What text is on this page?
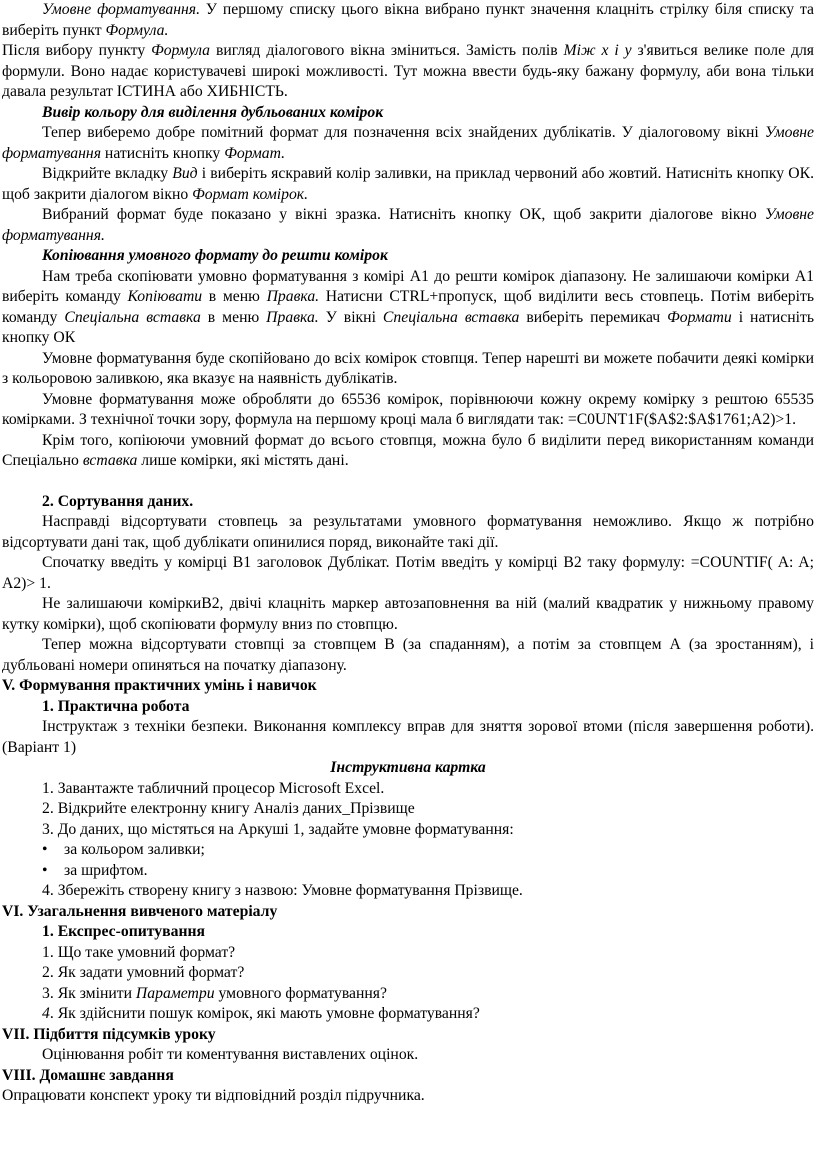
Умовне форматування. У першому списку цього вікна вибрано пункт значення клацніть стрілку біля списку та виберіть пункт Формула.

Після вибору пункту Формула вигляд діалогового вікна зміниться. Замість полів Між х і у з'явиться велике поле для формули. Воно надає користувачеві широкі можливості. Тут можна ввести будь-яку бажану формулу, аби вона тільки давала результат ІСТИНА або ХИБНІСТЬ.

Вивір кольору для виділення дубльованих комірок

Тепер виберемо добре помітний формат для позначення всіх знайдених дублікатів. У діалоговому вікні Умовне форматування натисніть кнопку Формат.

Відкрийте вкладку Вид і виберіть яскравий колір заливки, на приклад червоний або жовтий. Натисніть кнопку ОК. щоб закрити діалогом вікно Формат комірок.

Вибраний формат буде показано у вікні зразка. Натисніть кнопку ОК, щоб закрити діалогове вікно Умовне форматування.

Копіювання умовного формату до решти комірок

Нам треба скопіювати умовно форматування з комірі А1 до решти комірок діапазону. Не залишаючи комірки А1 виберіть команду Копіювати в меню Правка. Натисни CTRL+пропуск, щоб виділити весь стовпець. Потім виберіть команду Спеціальна вставка в меню Правка. У вікні Спеціальна вставка виберіть перемикач Формати і натисніть кнопку ОК

Умовне форматування буде скопійовано до всіх комірок стовпця. Тепер нарешті ви можете побачити деякі комірки з кольоровою заливкою, яка вказує на наявність дублікатів.

Умовне форматування може обробляти до 65536 комірок, порівнюючи кожну окрему комірку з рештою 65535 комірками. З технічної точки зору, формула на першому кроці мала б виглядати так: =C0UNT1F($A$2:$A$1761;A2)>1.

Крім того, копіюючи умовний формат до всього стовпця, можна було б виділити перед використанням команди Спеціально вставка лише комірки, які містять дані.

2. Сортування даних.

Насправді відсортувати стовпець за результатами умовного форматування неможливо. Якщо ж потрібно відсортувати дані так, щоб дублікати опинилися поряд, виконайте такі дії.

Спочатку введіть у комірці B1 заголовок Дублікат. Потім введіть у комірці B2 таку формулу: =COUNTIF( A: A; A2)> 1.

Не залишаючи коміркиB2, двічі клацніть маркер автозаповнення ва ній (малий квадратик у нижньому правому кутку комірки), щоб скопіювати формулу вниз по стовпцю.

Тепер можна відсортувати стовпці за стовпцем В (за спаданням), а потім за стовпцем А (за зростанням), і дубльовані номери опиняться на початку діапазону.

V. Формування практичних умінь і навичок

1. Практична робота

Інструктаж з техніки безпеки. Виконання комплексу вправ для зняття зорової втоми (після завершення роботи). (Варіант 1)

Інструктивна картка

1. Завантажте табличний процесор Microsoft Excel.

2. Відкрийте електронну книгу Аналіз даних_Прізвище

3. До даних, що містяться на Аркуші 1, задайте умовне форматування:

•	за кольором заливки;

•	за шрифтом.

4. Збережіть створену книгу з назвою: Умовне форматування Прізвище.

VI. Узагальнення вивченого матеріалу

1. Експрес-опитування

1. Що таке умовний формат?

2. Як задати умовний формат?

3. Як змінити Параметри умовного форматування?

4. Як здійснити пошук комірок, які мають умовне форматування?

VII. Підбиття підсумків уроку

Оцінювання робіт ти коментування виставлених оцінок.

VIII. Домашнє завдання

Опрацювати конспект уроку ти відповідний розділ підручника.
